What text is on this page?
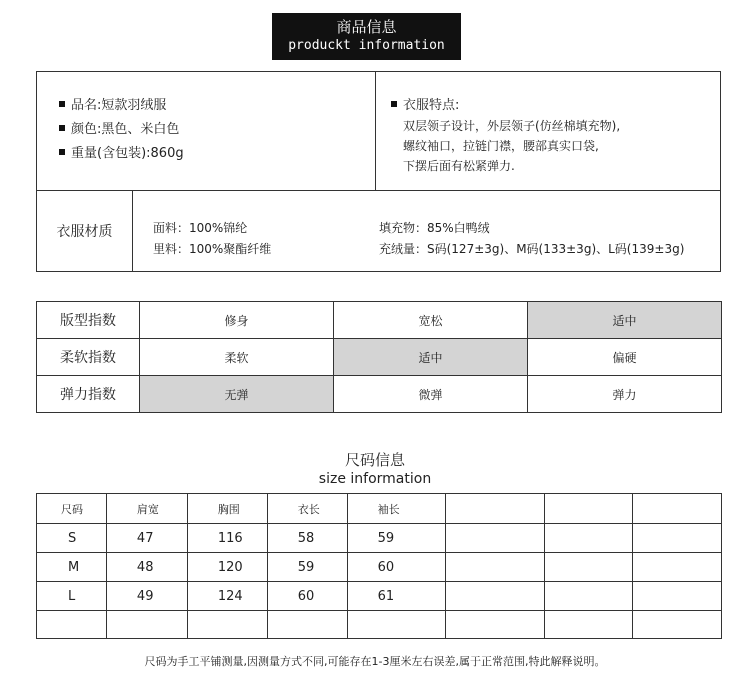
商品信息
produckt information
品名:短款羽绒服
颜色:黑色、米白色
重量(含包装):860g
衣服特点:
双层领子设计，外层领子(仿丝棉填充物),
螺纹袖口，拉链门襟，腰部真实口袋,
下摆后面有松紧弹力.
衣服材质	面料：100%锦纶
里料：100%聚酯纤维
填充物：85%白鸭绒
充绒量：S码(127±3g)、M码(133±3g)、L码(139±3g)
版型指数	修身	宽松	适中
柔软指数	柔软	适中	偏硬
弹力指数	无弹	微弹	弹力
尺码信息
size information
尺码	肩宽	胸围	衣长	袖长			
S	47	116	58	59			
M	48	120	59	60			
L	49	124	60	61			

尺码为手工平铺测量,因测量方式不同,可能存在1-3厘米左右误差,属于正常范围,特此解释说明。
